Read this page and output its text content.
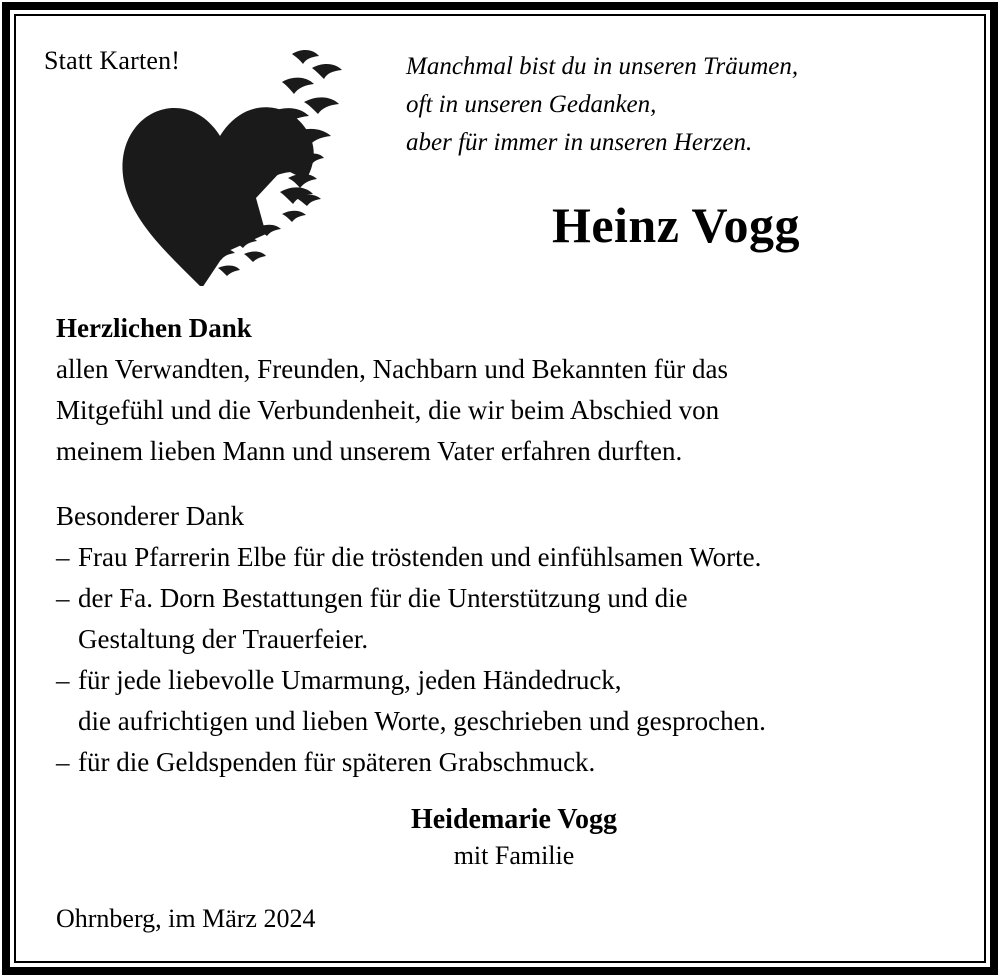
Statt Karten!	Manchmal bist du in unseren Träumen,
oft in unseren Gedanken,
aber für immer in unseren Herzen.
Heinz Vogg
Herzlichen Dank
allen Verwandten, Freunden, Nachbarn und Bekannten für das
Mitgefühl und die Verbundenheit, die wir beim Abschied von
meinem lieben Mann und unserem Vater erfahren durften.
Besonderer Dank
– Frau Pfarrerin Elbe für die tröstenden und einfühlsamen Worte.
– der Fa. Dorn Bestattungen für die Unterstützung und die
Gestaltung der Trauerfeier.
– für jede liebevolle Umarmung, jeden Händedruck,
die aufrichtigen und lieben Worte, geschrieben und gesprochen.
– für die Geldspenden für späteren Grabschmuck.
Heidemarie Vogg
mit Familie
Ohrnberg, im März 2024
